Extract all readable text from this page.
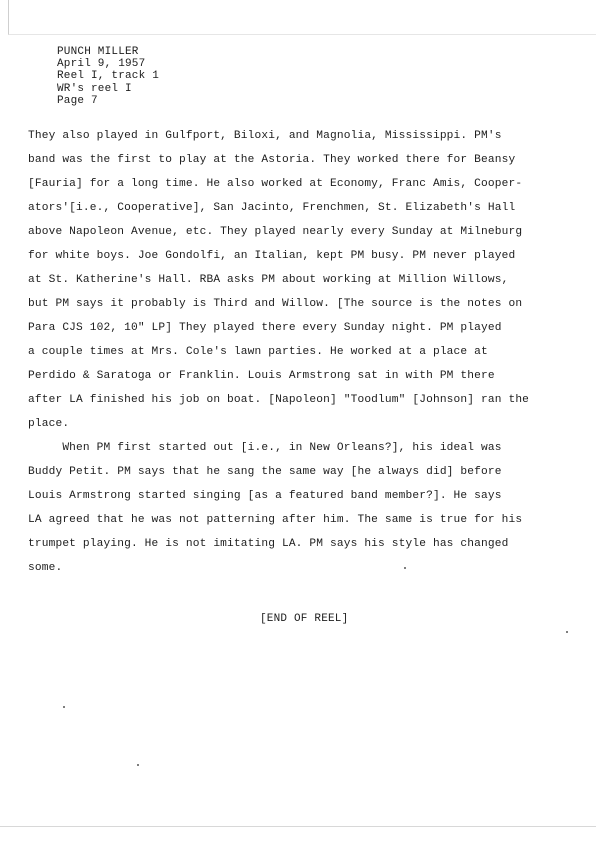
PUNCH MILLER
April 9, 1957
Reel I, track 1
WR's reel I
Page 7
They also played in Gulfport, Biloxi, and Magnolia, Mississippi. PM's
band was the first to play at the Astoria. They worked there for Beansy
[Fauria] for a long time. He also worked at Economy, Franc Amis, Cooper-
ators'[i.e., Cooperative], San Jacinto, Frenchmen, St. Elizabeth's Hall
above Napoleon Avenue, etc. They played nearly every Sunday at Milneburg
for white boys. Joe Gondolfi, an Italian, kept PM busy. PM never played
at St. Katherine's Hall. RBA asks PM about working at Million Willows,
but PM says it probably is Third and Willow. [The source is the notes on
Para CJS 102, 10" LP] They played there every Sunday night. PM played
a couple times at Mrs. Cole's lawn parties. He worked at a place at
Perdido & Saratoga or Franklin. Louis Armstrong sat in with PM there
after LA finished his job on boat. [Napoleon] "Toodlum" [Johnson] ran the
place.
When PM first started out [i.e., in New Orleans?], his ideal was
Buddy Petit. PM says that he sang the same way [he always did] before
Louis Armstrong started singing [as a featured band member?]. He says
LA agreed that he was not patterning after him. The same is true for his
trumpet playing. He is not imitating LA. PM says his style has changed
some.
[END OF REEL]
